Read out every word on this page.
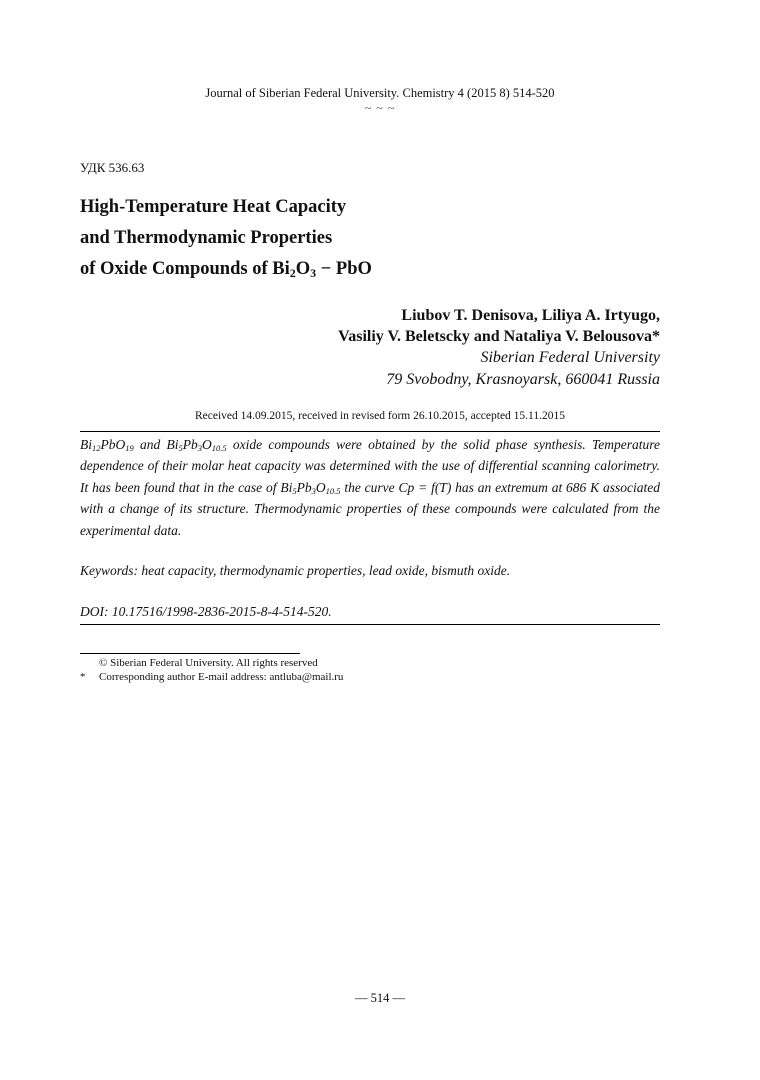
Journal of Siberian Federal University. Chemistry 4 (2015 8) 514-520
~ ~ ~
УДК 536.63
High-Temperature Heat Capacity
and Thermodynamic Properties
of Oxide Compounds of $Bi_2O_3$ − PbO
Liubov T. Denisova, Liliya A. Irtyugo,
Vasiliy V. Beletscky and Nataliya V. Belousova*
Siberian Federal University
79 Svobodny, Krasnoyarsk, 660041 Russia
Received 14.09.2015, received in revised form 26.10.2015, accepted 15.11.2015
$Bi_{12}PbO_{19}$ and $Bi_5Pb_3O_{10.5}$ oxide compounds were obtained by the solid phase synthesis. Temperature dependence of their molar heat capacity was determined with the use of differential scanning calorimetry. It has been found that in the case of $Bi_5Pb_3O_{10.5}$ the curve Cp = f(T) has an extremum at 686 K associated with a change of its structure. Thermodynamic properties of these compounds were calculated from the experimental data.
Keywords: heat capacity, thermodynamic properties, lead oxide, bismuth oxide.
DOI: 10.17516/1998-2836-2015-8-4-514-520.
© Siberian Federal University. All rights reserved
* Corresponding author E-mail address: antluba@mail.ru
— 514 —
